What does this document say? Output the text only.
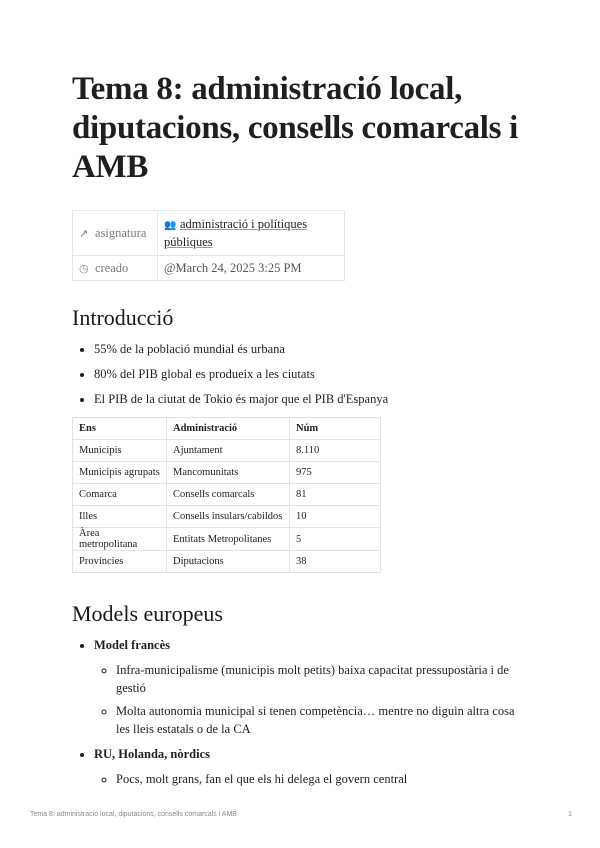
Tema 8: administració local, diputacions, consells comarcals i AMB
↗ asignatura	👥 administració i polítiques públiques
◷ creado	@March 24, 2025 3:25 PM
Introducció
• 55% de la població mundial és urbana
• 80% del PIB global es produeix a les ciutats
• El PIB de la ciutat de Tokio és major que el PIB d'Espanya
Ens	Administració	Núm
Municipis	Ajuntament	8.110
Municipis agrupats	Mancomunitats	975
Comarca	Consells comarcals	81
Illes	Consells insulars/cabildos	10
Àrea metropolitana	Entitats Metropolitanes	5
Províncies	Diputacions	38
Models europeus
• Model francès
◦ Infra-municipalisme (municipis molt petits) baixa capacitat pressupostària i de gestió
◦ Molta autonomia municipal si tenen competència… mentre no diguin altra cosa les lleis estatals o de la CA
• RU, Holanda, nòrdics
◦ Pocs, molt grans, fan el que els hi delega el govern central
Tema 8: administració local, diputacions, consells comarcals i AMB	1
